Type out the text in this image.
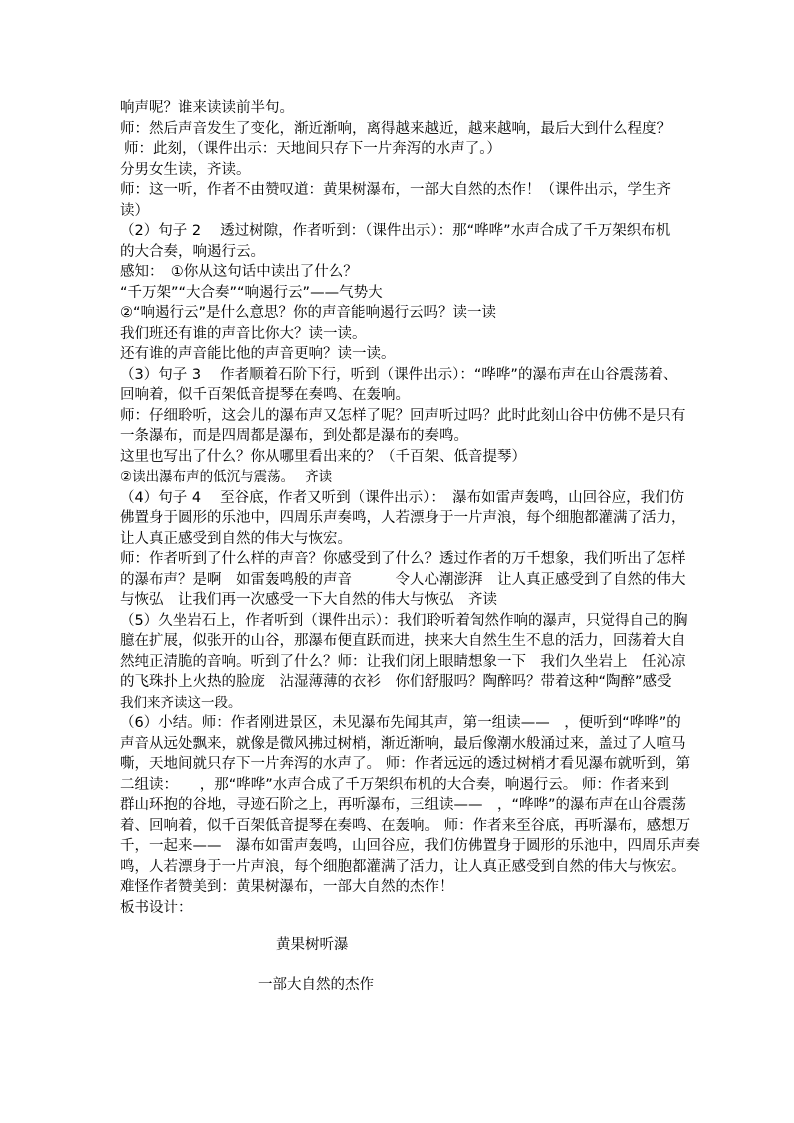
响声呢？谁来读读前半句。
师：然后声音发生了变化，渐近渐响，离得越来越近，越来越响，最后大到什么程度？
师：此刻，（课件出示：天地间只存下一片奔泻的水声了。）
分男女生读，齐读。
师：这一听，作者不由赞叹道：黄果树瀑布，一部大自然的杰作！（课件出示，学生齐
读）
（2）句子 2　 透过树隙，作者听到：（课件出示）：那“哗哗”水声合成了千万架织布机
的大合奏，响遏行云。
感知：　①你从这句话中读出了什么？
“千万架”“大合奏”“响遏行云”——气势大
②“响遏行云”是什么意思？你的声音能响遏行云吗？读一读
我们班还有谁的声音比你大？读一读。
还有谁的声音能比他的声音更响？读一读。
（3）句子 3　 作者顺着石阶下行，听到（课件出示）：“哗哗”的瀑布声在山谷震荡着、
回响着，似千百架低音提琴在奏鸣、在轰响。
师：仔细聆听，这会儿的瀑布声又怎样了呢？回声听过吗？此时此刻山谷中仿佛不是只有
一条瀑布，而是四周都是瀑布，到处都是瀑布的奏鸣。
这里也写出了什么？你从哪里看出来的？（千百架、低音提琴）
②读出瀑布声的低沉与震荡。　 齐读
（4）句子 4　 至谷底，作者又听到（课件出示）：　瀑布如雷声轰鸣，山回谷应，我们仿
佛置身于圆形的乐池中，四周乐声奏鸣，人若漂身于一片声浪，每个细胞都灌满了活力，
让人真正感受到自然的伟大与恢宏。
师：作者听到了什么样的声音？你感受到了什么？透过作者的万千想象，我们听出了怎样
的瀑布声？是啊　如雷轰鸣般的声音　　　令人心潮澎湃　让人真正感受到了自然的伟大
与恢弘　让我们再一次感受一下大自然的伟大与恢弘　齐读
（5）久坐岩石上，作者听到（课件出示）：我们聆听着訇然作响的瀑声，只觉得自己的胸
臆在扩展，似张开的山谷，那瀑布便直跃而进，挟来大自然生生不息的活力，回荡着大自
然纯正清脆的音响。听到了什么？师：让我们闭上眼睛想象一下　我们久坐岩上　任沁凉
的飞珠扑上火热的脸庞　沾湿薄薄的衣衫　你们舒服吗？陶醉吗？带着这种“陶醉”感受
我们来齐读这一段。
（6）小结。师：作者刚进景区，未见瀑布先闻其声，第一组读——　，便听到“哗哗”的
声音从远处飘来，就像是微风拂过树梢，渐近渐响，最后像潮水般涌过来，盖过了人喧马
嘶，天地间就只存下一片奔泻的水声了。 师：作者远远的透过树梢才看见瀑布就听到，第
二组读：　　，那“哗哗”水声合成了千万架织布机的大合奏，响遏行云。 师：作者来到
群山环抱的谷地，寻迹石阶之上，再听瀑布，三组读——　，“哗哗”的瀑布声在山谷震荡
着、回响着，似千百架低音提琴在奏鸣、在轰响。 师：作者来至谷底，再听瀑布，感想万
千，一起来——　瀑布如雷声轰鸣，山回谷应，我们仿佛置身于圆形的乐池中，四周乐声奏
鸣，人若漂身于一片声浪，每个细胞都灌满了活力，让人真正感受到自然的伟大与恢宏。
难怪作者赞美到：黄果树瀑布，一部大自然的杰作！
板书设计：
黄果树听瀑
一部大自然的杰作
